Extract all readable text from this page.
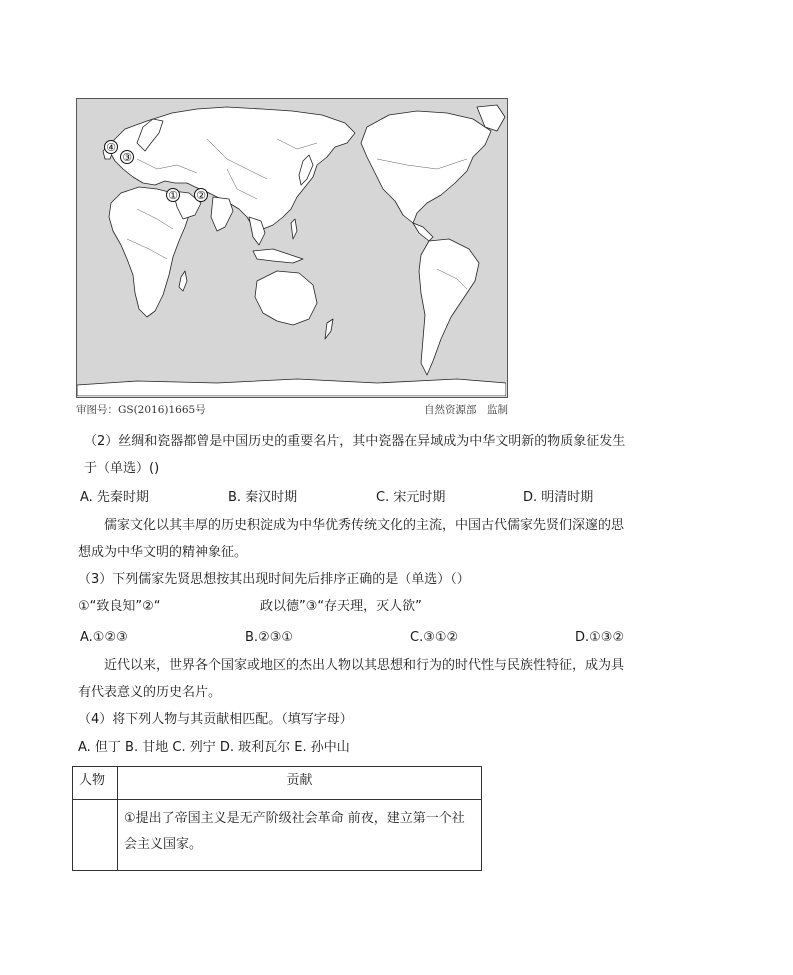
④
③
① ②
审图号：GS(2016)1665号	自然资源部　监制
（2）丝绸和瓷器都曾是中国历史的重要名片，其中瓷器在异域成为中华文明新的物质象征发生
于（单选）()
A. 先秦时期	B. 秦汉时期	C. 宋元时期	D. 明清时期
儒家文化以其丰厚的历史积淀成为中华优秀传统文化的主流，中国古代儒家先贤们深邃的思
想成为中华文明的精神象征。
（3）下列儒家先贤思想按其出现时间先后排序正确的是（单选）（）
①“致良知”②“	政以德”③“存天理，灭人欲”
A.①②③	B.②③①	C.③①②	D.①③②
近代以来，世界各个国家或地区的杰出人物以其思想和行为的时代性与民族性特征，成为具
有代表意义的历史名片。
（4）将下列人物与其贡献相匹配。（填写字母）
A. 但丁 B. 甘地 C. 列宁 D. 玻利瓦尔 E. 孙中山
人物	贡献
	①提出了帝国主义是无产阶级社会革命 前夜，建立第一个社会主义国家。
